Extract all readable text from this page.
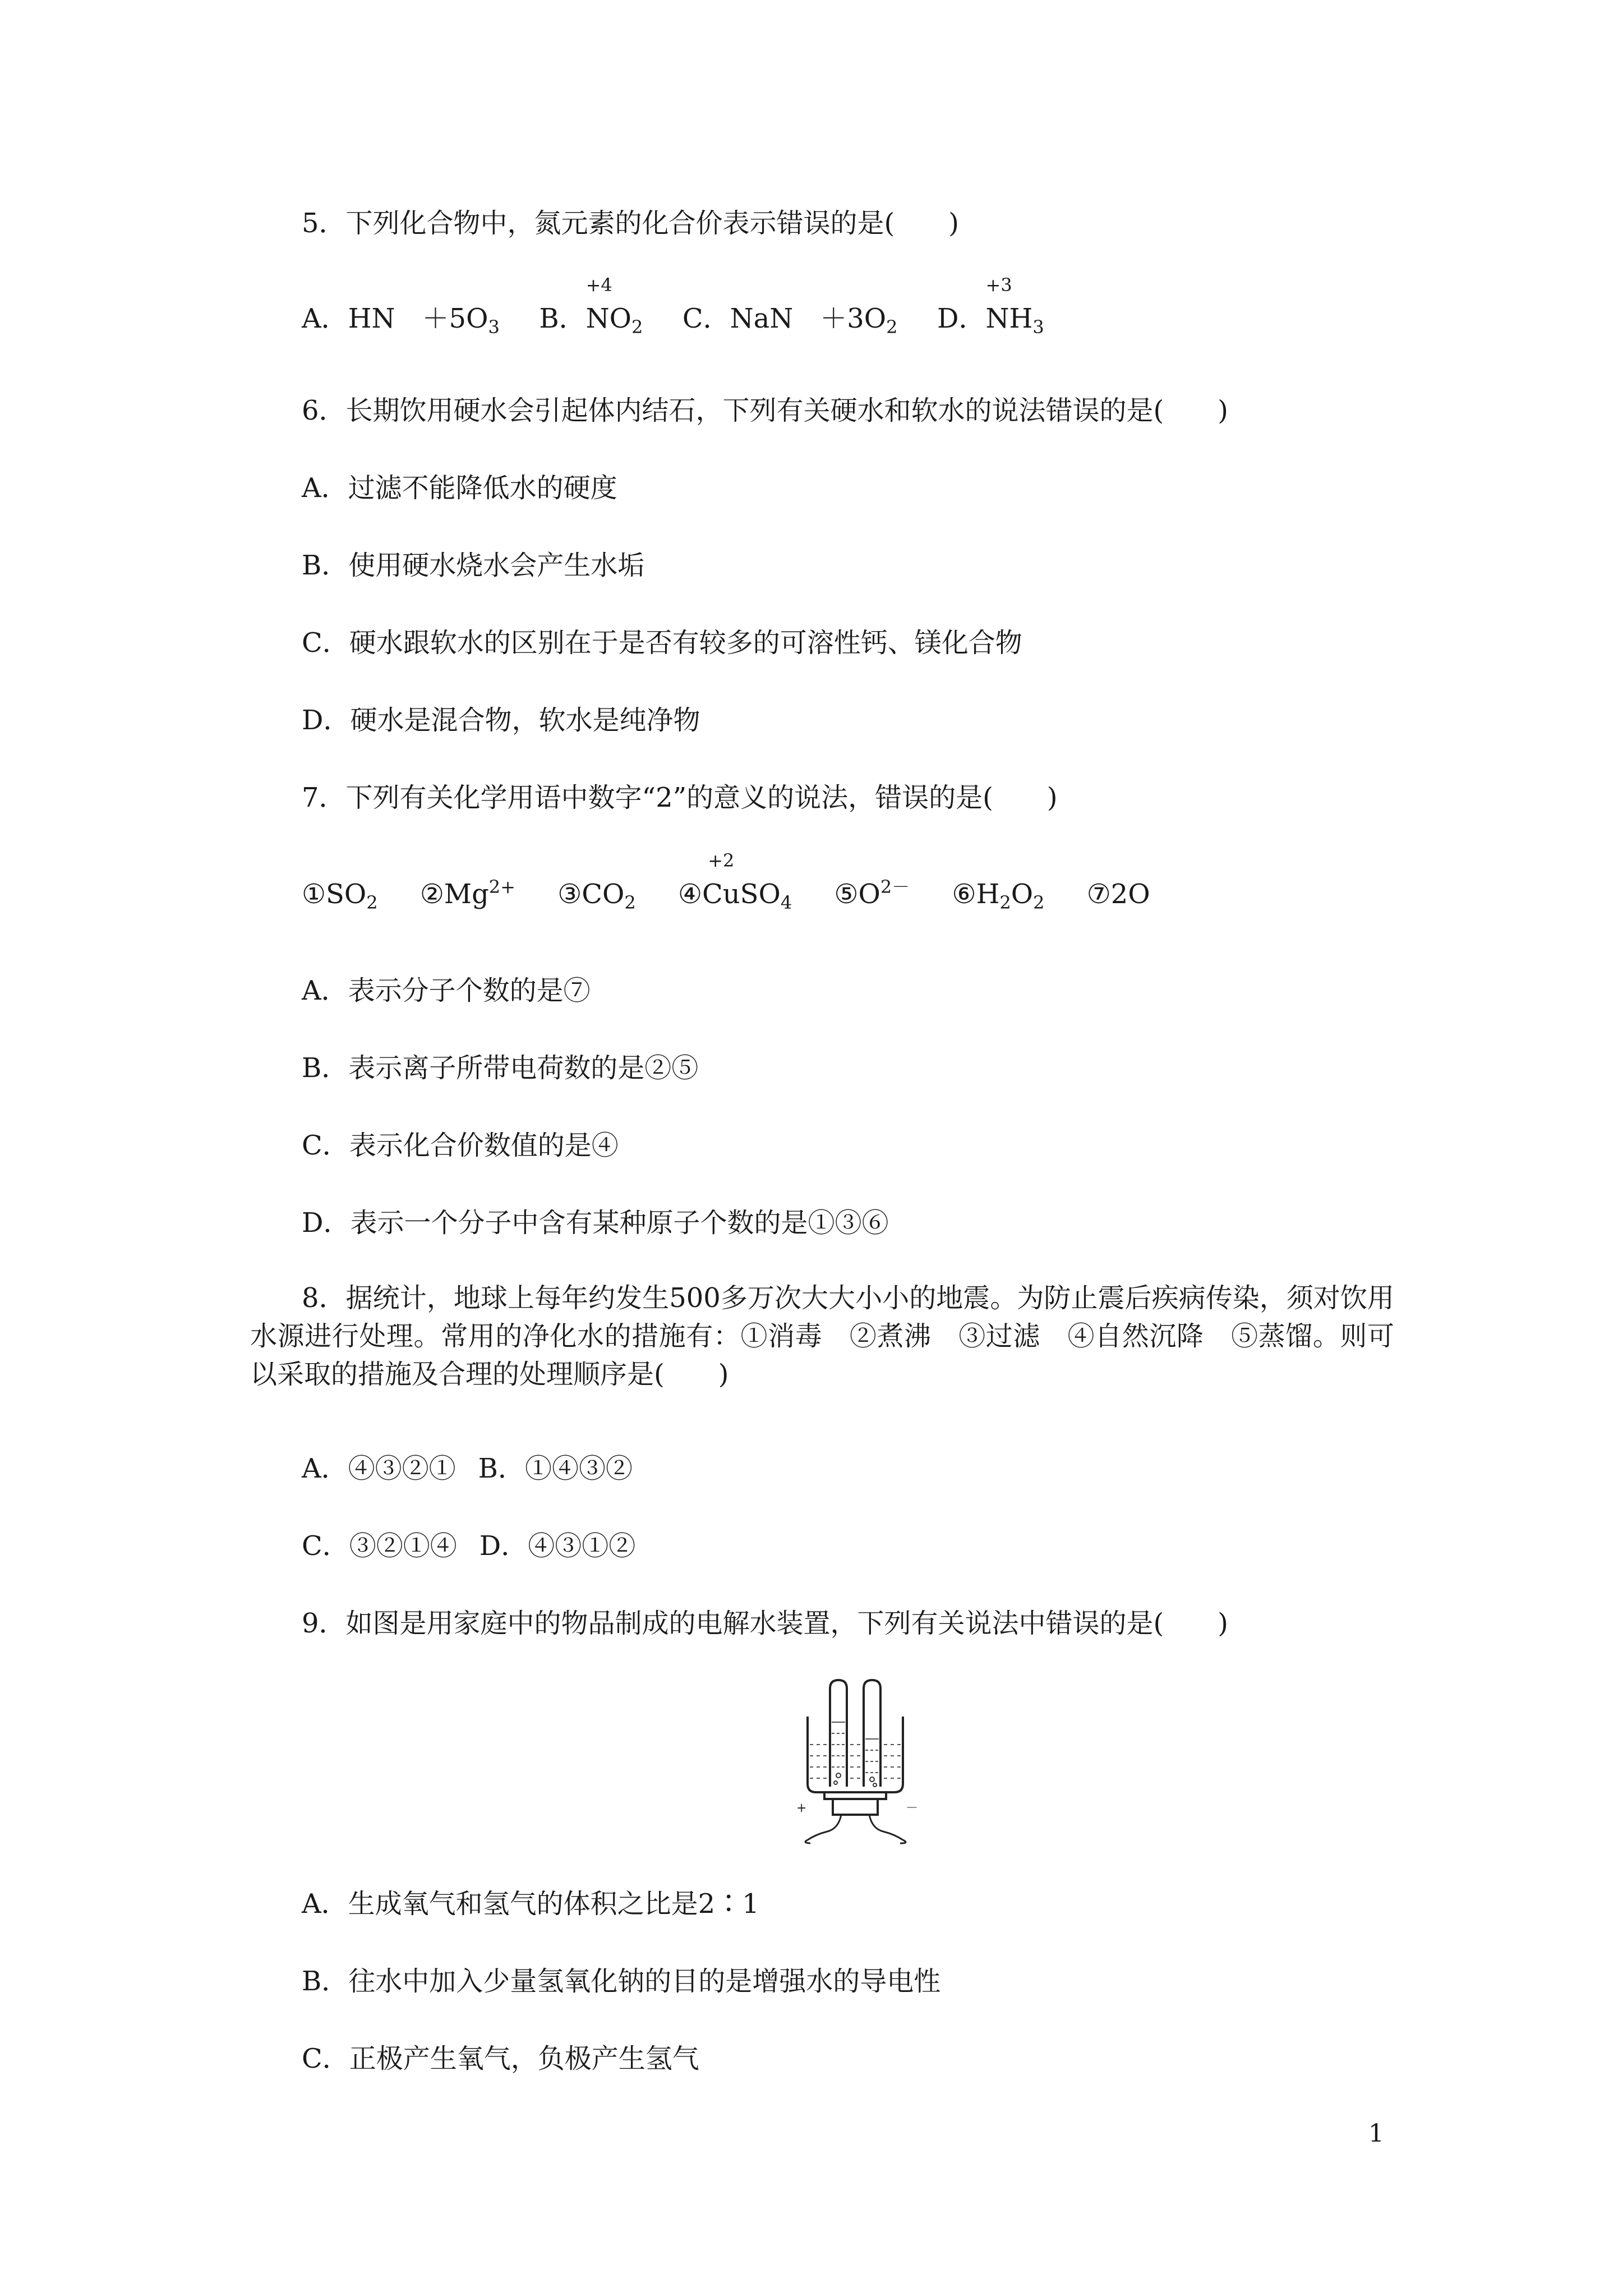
5．下列化合物中，氮元素的化合价表示错误的是(　　)
A．HN　$+5O_3$ B．
+4
$NO_2$ C．NaN　$+3O_2$ D．
+3
$NH_3$
6．长期饮用硬水会引起体内结石，下列有关硬水和软水的说法错误的是(　　)
A．过滤不能降低水的硬度
B．使用硬水烧水会产生水垢
C．硬水跟软水的区别在于是否有较多的可溶性钙、镁化合物
D．硬水是混合物，软水是纯净物
7．下列有关化学用语中数字“2”的意义的说法，错误的是(　　)
$①SO_2$ $②Mg^{2+}$ $③CO_2$ ④
+2
CuSO$_4$ $⑤O^{2-}$ $⑥H_2O_2$ ⑦2O
A．表示分子个数的是⑦
B．表示离子所带电荷数的是②⑤
C．表示化合价数值的是④
D．表示一个分子中含有某种原子个数的是①③⑥
8．据统计，地球上每年约发生500多万次大大小小的地震。为防止震后疾病传染，须对饮用水源进行处理。常用的净化水的措施有：①消毒　②煮沸　③过滤　④自然沉降　⑤蒸馏。则可以采取的措施及合理的处理顺序是(　　)
A．④③②① B．①④③②
C．③②①④ D．④③①②
9．如图是用家庭中的物品制成的电解水装置，下列有关说法中错误的是(　　)
+	－
A．生成氧气和氢气的体积之比是2∶1
B．往水中加入少量氢氧化钠的目的是增强水的导电性
C．正极产生氧气，负极产生氢气
1
